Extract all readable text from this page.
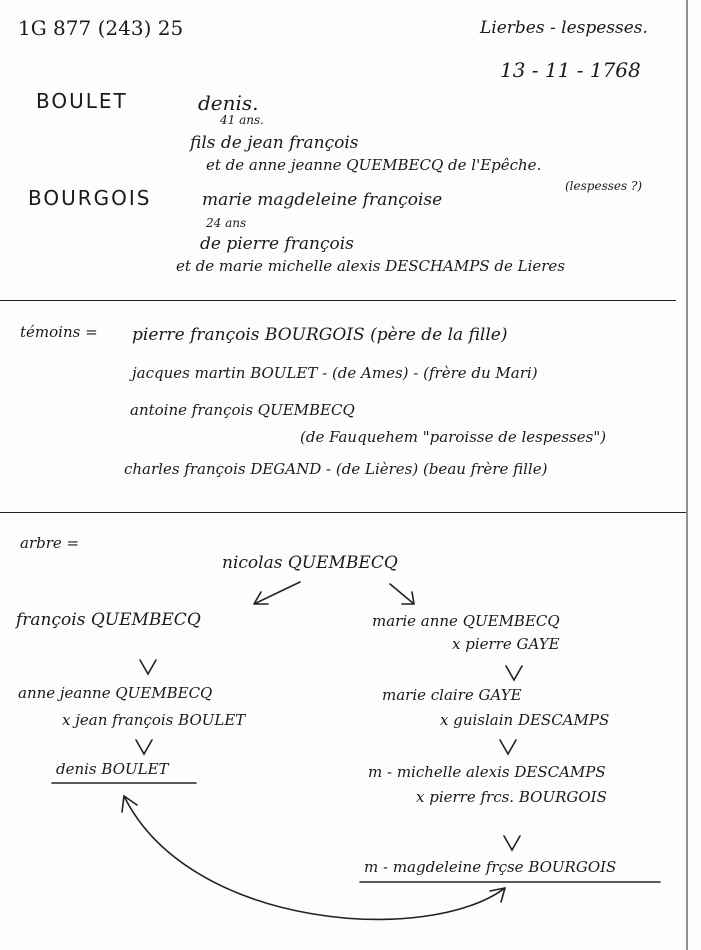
1G 877 (243) 25	Lierbes - lespesses.
13 - 11 - 1768
BOULET	denis.
41 ans.
fils de jean françois
et de anne jeanne QUEMBECQ de l'Epêche.
(lespesses ?)
BOURGOIS	marie magdeleine françoise
24 ans
de pierre françois
et de marie michelle alexis DESCHAMPS de Lieres
témoins = pierre françois BOURGOIS (père de la fille)
jacques martin BOULET - (de Ames) - (frère du Mari)
antoine françois QUEMBECQ
(de Fauquehem "paroisse de lespesses")
charles françois DEGAND - (de Lières) (beau frère fille)
arbre =
nicolas QUEMBECQ
françois QUEMBECQ
anne jeanne QUEMBECQ
x jean françois BOULET
denis BOULET
marie anne QUEMBECQ
x pierre GAYE
marie claire GAYE
x guislain DESCAMPS
m - michelle alexis DESCAMPS
x pierre frcs. BOURGOIS
m - magdeleine frçse BOURGOIS
